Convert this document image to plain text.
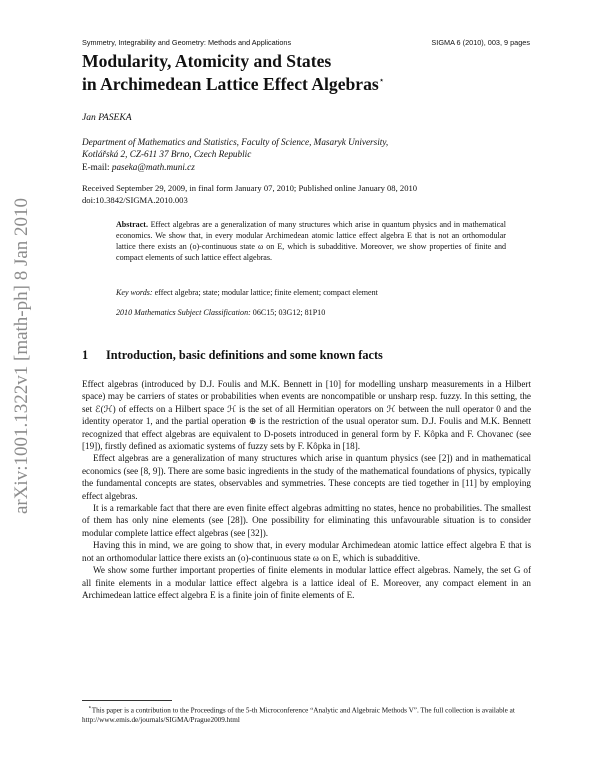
Symmetry, Integrability and Geometry: Methods and Applications	SIGMA 6 (2010), 003, 9 pages
arXiv:1001.1322v1 [math-ph] 8 Jan 2010
Modularity, Atomicity and States
in Archimedean Lattice Effect Algebras⋆
Jan PASEKA
Department of Mathematics and Statistics, Faculty of Science, Masaryk University,
Kotlářská 2, CZ-611 37 Brno, Czech Republic
E-mail: paseka@math.muni.cz
Received September 29, 2009, in final form January 07, 2010; Published online January 08, 2010
doi:10.3842/SIGMA.2010.003
Abstract. Effect algebras are a generalization of many structures which arise in quantum physics and in mathematical economics. We show that, in every modular Archimedean atomic lattice effect algebra E that is not an orthomodular lattice there exists an (o)-continuous state ω on E, which is subadditive. Moreover, we show properties of finite and compact elements of such lattice effect algebras.
Key words: effect algebra; state; modular lattice; finite element; compact element
2010 Mathematics Subject Classification: 06C15; 03G12; 81P10
1 Introduction, basic definitions and some known facts

Effect algebras (introduced by D.J. Foulis and M.K. Bennett in [10] for modelling unsharp measurements in a Hilbert space) may be carriers of states or probabilities when events are noncompatible or unsharp resp. fuzzy. In this setting, the set ℰ(ℋ) of effects on a Hilbert space ℋ is the set of all Hermitian operators on ℋ between the null operator 0 and the identity operator 1, and the partial operation ⊕ is the restriction of the usual operator sum. D.J. Foulis and M.K. Bennett recognized that effect algebras are equivalent to D-posets introduced in general form by F. Kôpka and F. Chovanec (see [19]), firstly defined as axiomatic systems of fuzzy sets by F. Kôpka in [18].

Effect algebras are a generalization of many structures which arise in quantum physics (see [2]) and in mathematical economics (see [8, 9]). There are some basic ingredients in the study of the mathematical foundations of physics, typically the fundamental concepts are states, observables and symmetries. These concepts are tied together in [11] by employing effect algebras.

It is a remarkable fact that there are even finite effect algebras admitting no states, hence no probabilities. The smallest of them has only nine elements (see [28]). One possibility for eliminating this unfavourable situation is to consider modular complete lattice effect algebras (see [32]).

Having this in mind, we are going to show that, in every modular Archimedean atomic lattice effect algebra E that is not an orthomodular lattice there exists an (o)-continuous state ω on E, which is subadditive.

We show some further important properties of finite elements in modular lattice effect algebras. Namely, the set G of all finite elements in a modular lattice effect algebra is a lattice ideal of E. Moreover, any compact element in an Archimedean lattice effect algebra E is a finite join of finite elements of E.

⋆This paper is a contribution to the Proceedings of the 5-th Microconference “Analytic and Algebraic Methods V”. The full collection is available at http://www.emis.de/journals/SIGMA/Prague2009.html
